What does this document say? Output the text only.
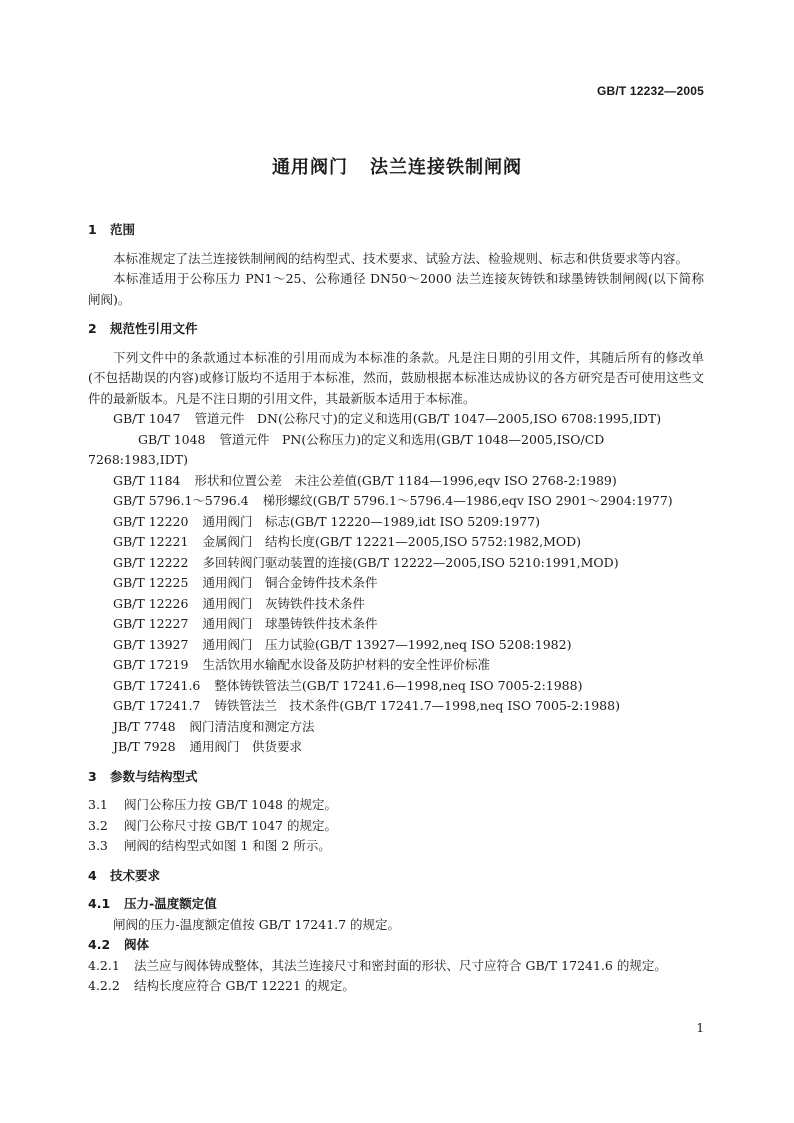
GB/T 12232—2005
通用阀门 法兰连接铁制闸阀
1 范围

本标准规定了法兰连接铁制闸阀的结构型式、技术要求、试验方法、检验规则、标志和供货要求等内容。

本标准适用于公称压力 PN1～25、公称通径 DN50～2000 法兰连接灰铸铁和球墨铸铁制闸阀(以下简称闸阀)。

2 规范性引用文件

下列文件中的条款通过本标准的引用而成为本标准的条款。凡是注日期的引用文件，其随后所有的修改单(不包括勘误的内容)或修订版均不适用于本标准，然而，鼓励根据本标准达成协议的各方研究是否可使用这些文件的最新版本。凡是不注日期的引用文件，其最新版本适用于本标准。

GB/T 1047 管道元件　DN(公称尺寸)的定义和选用(GB/T 1047—2005,ISO 6708:1995,IDT)

GB/T 1048 管道元件　PN(公称压力)的定义和选用(GB/T 1048—2005,ISO/CD 7268:1983,IDT)

GB/T 1184 形状和位置公差　未注公差值(GB/T 1184—1996,eqv ISO 2768-2:1989)

GB/T 5796.1～5796.4 梯形螺纹(GB/T 5796.1～5796.4—1986,eqv ISO 2901～2904:1977)

GB/T 12220 通用阀门　标志(GB/T 12220—1989,idt ISO 5209:1977)

GB/T 12221 金属阀门　结构长度(GB/T 12221—2005,ISO 5752:1982,MOD)

GB/T 12222 多回转阀门驱动装置的连接(GB/T 12222—2005,ISO 5210:1991,MOD)

GB/T 12225 通用阀门　铜合金铸件技术条件

GB/T 12226 通用阀门　灰铸铁件技术条件

GB/T 12227 通用阀门　球墨铸铁件技术条件

GB/T 13927 通用阀门　压力试验(GB/T 13927—1992,neq ISO 5208:1982)

GB/T 17219 生活饮用水输配水设备及防护材料的安全性评价标准

GB/T 17241.6 整体铸铁管法兰(GB/T 17241.6—1998,neq ISO 7005-2:1988)

GB/T 17241.7 铸铁管法兰　技术条件(GB/T 17241.7—1998,neq ISO 7005-2:1988)

JB/T 7748 阀门清洁度和测定方法

JB/T 7928 通用阀门　供货要求

3 参数与结构型式

3.1 阀门公称压力按 GB/T 1048 的规定。

3.2 阀门公称尺寸按 GB/T 1047 的规定。

3.3 闸阀的结构型式如图 1 和图 2 所示。

4 技术要求
4.1 压力-温度额定值

闸阀的压力-温度额定值按 GB/T 17241.7 的规定。

4.2 阀体

4.2.1 法兰应与阀体铸成整体，其法兰连接尺寸和密封面的形状、尺寸应符合 GB/T 17241.6 的规定。

4.2.2 结构长度应符合 GB/T 12221 的规定。

1
